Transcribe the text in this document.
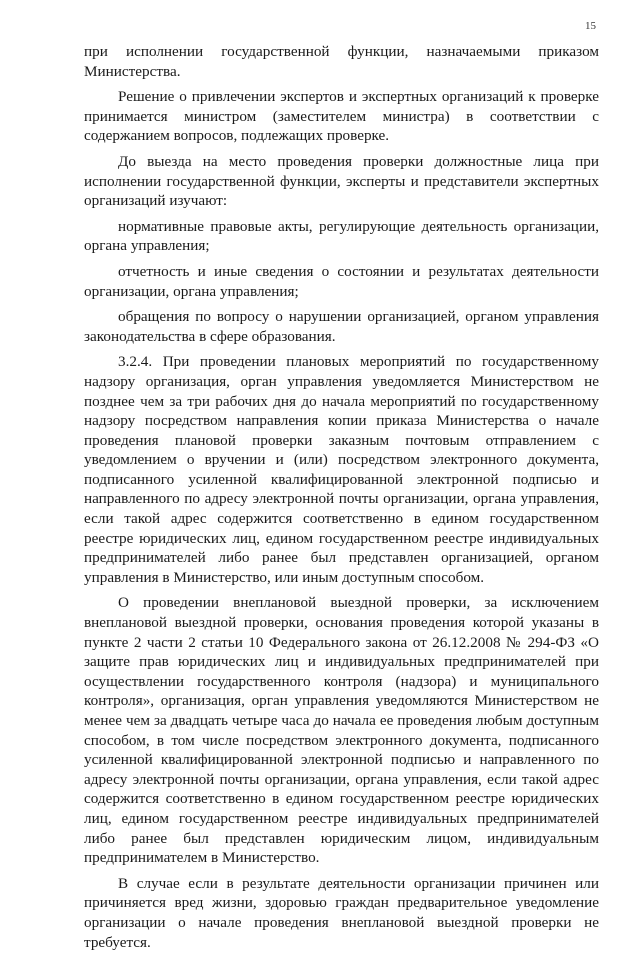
15

при исполнении государственной функции, назначаемыми приказом Министерства.

Решение о привлечении экспертов и экспертных организаций к проверке принимается министром (заместителем министра) в соответствии с содержанием вопросов, подлежащих проверке.

До выезда на место проведения проверки должностные лица при исполнении государственной функции, эксперты и представители экспертных организаций изучают:

нормативные правовые акты, регулирующие деятельность организации, органа управления;

отчетность и иные сведения о состоянии и результатах деятельности организации, органа управления;

обращения по вопросу о нарушении организацией, органом управления законодательства в сфере образования.

3.2.4. При проведении плановых мероприятий по государственному надзору организация, орган управления уведомляется Министерством не позднее чем за три рабочих дня до начала мероприятий по государственному надзору посредством направления копии приказа Министерства о начале проведения плановой проверки заказным почтовым отправлением с уведомлением о вручении и (или) посредством электронного документа, подписанного усиленной квалифицированной электронной подписью и направленного по адресу электронной почты организации, органа управления, если такой адрес содержится соответственно в едином государственном реестре юридических лиц, едином государственном реестре индивидуальных предпринимателей либо ранее был представлен организацией, органом управления в Министерство, или иным доступным способом.

О проведении внеплановой выездной проверки, за исключением внеплановой выездной проверки, основания проведения которой указаны в пункте 2 части 2 статьи 10 Федерального закона от 26.12.2008 № 294-ФЗ «О защите прав юридических лиц и индивидуальных предпринимателей при осуществлении государственного контроля (надзора) и муниципального контроля», организация, орган управления уведомляются Министерством не менее чем за двадцать четыре часа до начала ее проведения любым доступным способом, в том числе посредством электронного документа, подписанного усиленной квалифицированной электронной подписью и направленного по адресу электронной почты организации, органа управления, если такой адрес содержится соответственно в едином государственном реестре юридических лиц, едином государственном реестре индивидуальных предпринимателей либо ранее был представлен юридическим лицом, индивидуальным предпринимателем в Министерство.

В случае если в результате деятельности организации причинен или причиняется вред жизни, здоровью граждан предварительное уведомление организации о начале проведения внеплановой выездной проверки не требуется.
